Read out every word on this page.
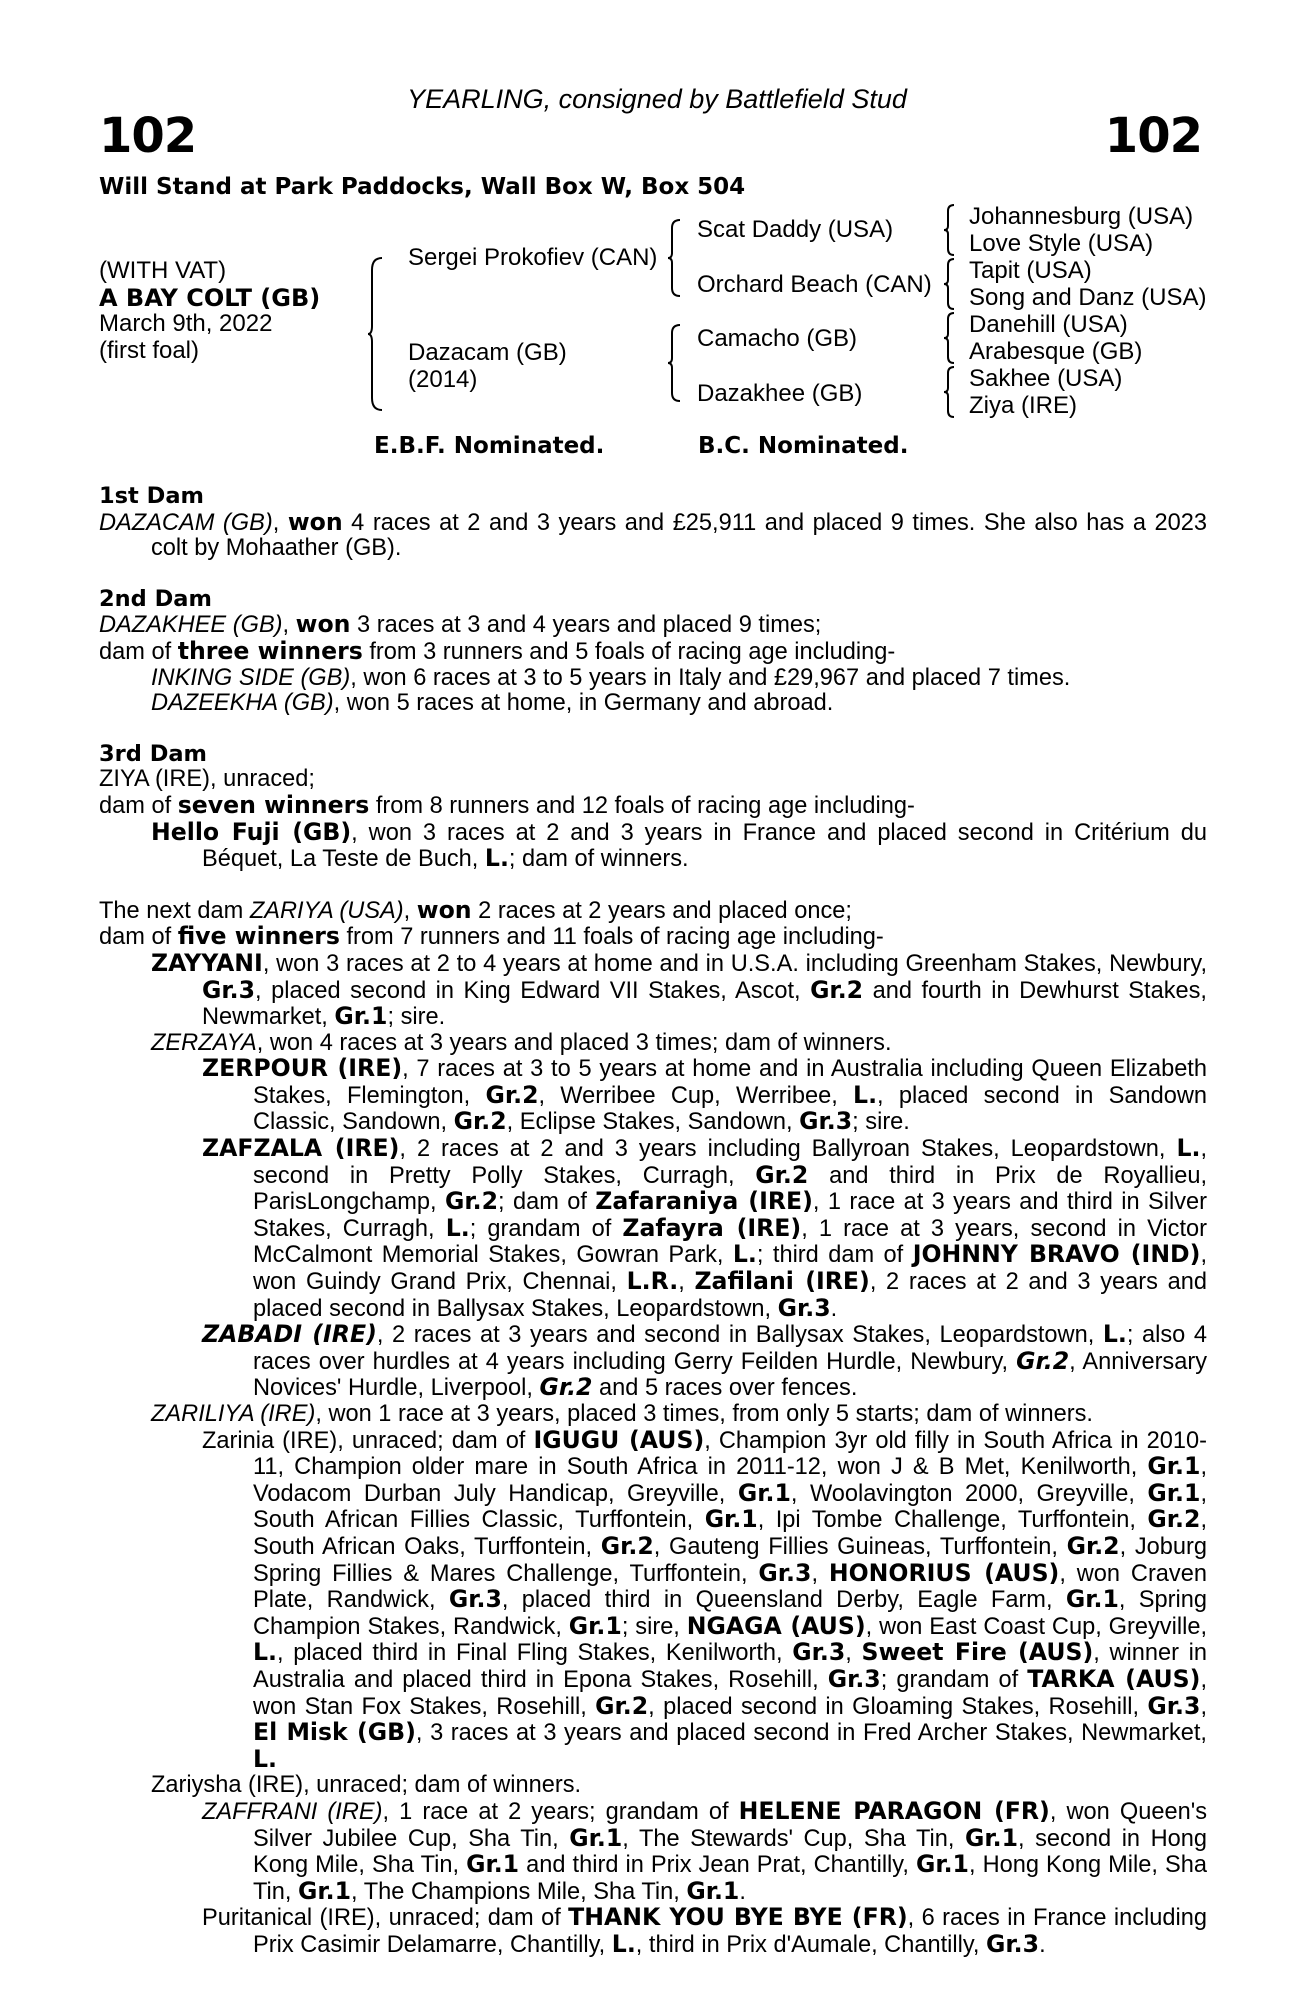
YEARLING, consigned by Battlefield Stud
102	102
Will Stand at Park Paddocks, Wall Box W, Box 504
(WITH VAT)
A BAY COLT (GB)
March 9th, 2022
(first foal)
Sergei Prokofiev (CAN)
Dazacam (GB)
(2014)
Scat Daddy (USA)
Orchard Beach (CAN)
Camacho (GB)
Dazakhee (GB)
Johannesburg (USA)
Love Style (USA)
Tapit (USA)
Song and Danz (USA)
Danehill (USA)
Arabesque (GB)
Sakhee (USA)
Ziya (IRE)
E.B.F. Nominated.	B.C. Nominated.
1st Dam
DAZACAM (GB), won 4 races at 2 and 3 years and £25,911 and placed 9 times. She also has a 2023 colt by Mohaather (GB).
2nd Dam
DAZAKHEE (GB), won 3 races at 3 and 4 years and placed 9 times;
dam of three winners from 3 runners and 5 foals of racing age including-
INKING SIDE (GB), won 6 races at 3 to 5 years in Italy and £29,967 and placed 7 times.
DAZEEKHA (GB), won 5 races at home, in Germany and abroad.
3rd Dam
ZIYA (IRE), unraced;
dam of seven winners from 8 runners and 12 foals of racing age including-
Hello Fuji (GB), won 3 races at 2 and 3 years in France and placed second in Critérium du Béquet, La Teste de Buch, L.; dam of winners.
The next dam ZARIYA (USA), won 2 races at 2 years and placed once;
dam of five winners from 7 runners and 11 foals of racing age including-
ZAYYANI, won 3 races at 2 to 4 years at home and in U.S.A. including Greenham Stakes, Newbury, Gr.3, placed second in King Edward VII Stakes, Ascot, Gr.2 and fourth in Dewhurst Stakes, Newmarket, Gr.1; sire.
ZERZAYA, won 4 races at 3 years and placed 3 times; dam of winners.
ZERPOUR (IRE), 7 races at 3 to 5 years at home and in Australia including Queen Elizabeth Stakes, Flemington, Gr.2, Werribee Cup, Werribee, L., placed second in Sandown Classic, Sandown, Gr.2, Eclipse Stakes, Sandown, Gr.3; sire.
ZAFZALA (IRE), 2 races at 2 and 3 years including Ballyroan Stakes, Leopardstown, L., second in Pretty Polly Stakes, Curragh, Gr.2 and third in Prix de Royallieu, ParisLongchamp, Gr.2; dam of Zafaraniya (IRE), 1 race at 3 years and third in Silver Stakes, Curragh, L.; grandam of Zafayra (IRE), 1 race at 3 years, second in Victor McCalmont Memorial Stakes, Gowran Park, L.; third dam of JOHNNY BRAVO (IND), won Guindy Grand Prix, Chennai, L.R., Zafilani (IRE), 2 races at 2 and 3 years and placed second in Ballysax Stakes, Leopardstown, Gr.3.
ZABADI (IRE), 2 races at 3 years and second in Ballysax Stakes, Leopardstown, L.; also 4 races over hurdles at 4 years including Gerry Feilden Hurdle, Newbury, Gr.2, Anniversary Novices' Hurdle, Liverpool, Gr.2 and 5 races over fences.
ZARILIYA (IRE), won 1 race at 3 years, placed 3 times, from only 5 starts; dam of winners.
Zarinia (IRE), unraced; dam of IGUGU (AUS), Champion 3yr old filly in South Africa in 2010-11, Champion older mare in South Africa in 2011-12, won J & B Met, Kenilworth, Gr.1, Vodacom Durban July Handicap, Greyville, Gr.1, Woolavington 2000, Greyville, Gr.1, South African Fillies Classic, Turffontein, Gr.1, Ipi Tombe Challenge, Turffontein, Gr.2, South African Oaks, Turffontein, Gr.2, Gauteng Fillies Guineas, Turffontein, Gr.2, Joburg Spring Fillies & Mares Challenge, Turffontein, Gr.3, HONORIUS (AUS), won Craven Plate, Randwick, Gr.3, placed third in Queensland Derby, Eagle Farm, Gr.1, Spring Champion Stakes, Randwick, Gr.1; sire, NGAGA (AUS), won East Coast Cup, Greyville, L., placed third in Final Fling Stakes, Kenilworth, Gr.3, Sweet Fire (AUS), winner in Australia and placed third in Epona Stakes, Rosehill, Gr.3; grandam of TARKA (AUS), won Stan Fox Stakes, Rosehill, Gr.2, placed second in Gloaming Stakes, Rosehill, Gr.3, El Misk (GB), 3 races at 3 years and placed second in Fred Archer Stakes, Newmarket, L.
Zariysha (IRE), unraced; dam of winners.
ZAFFRANI (IRE), 1 race at 2 years; grandam of HELENE PARAGON (FR), won Queen's Silver Jubilee Cup, Sha Tin, Gr.1, The Stewards' Cup, Sha Tin, Gr.1, second in Hong Kong Mile, Sha Tin, Gr.1 and third in Prix Jean Prat, Chantilly, Gr.1, Hong Kong Mile, Sha Tin, Gr.1, The Champions Mile, Sha Tin, Gr.1.
Puritanical (IRE), unraced; dam of THANK YOU BYE BYE (FR), 6 races in France including Prix Casimir Delamarre, Chantilly, L., third in Prix d'Aumale, Chantilly, Gr.3.
